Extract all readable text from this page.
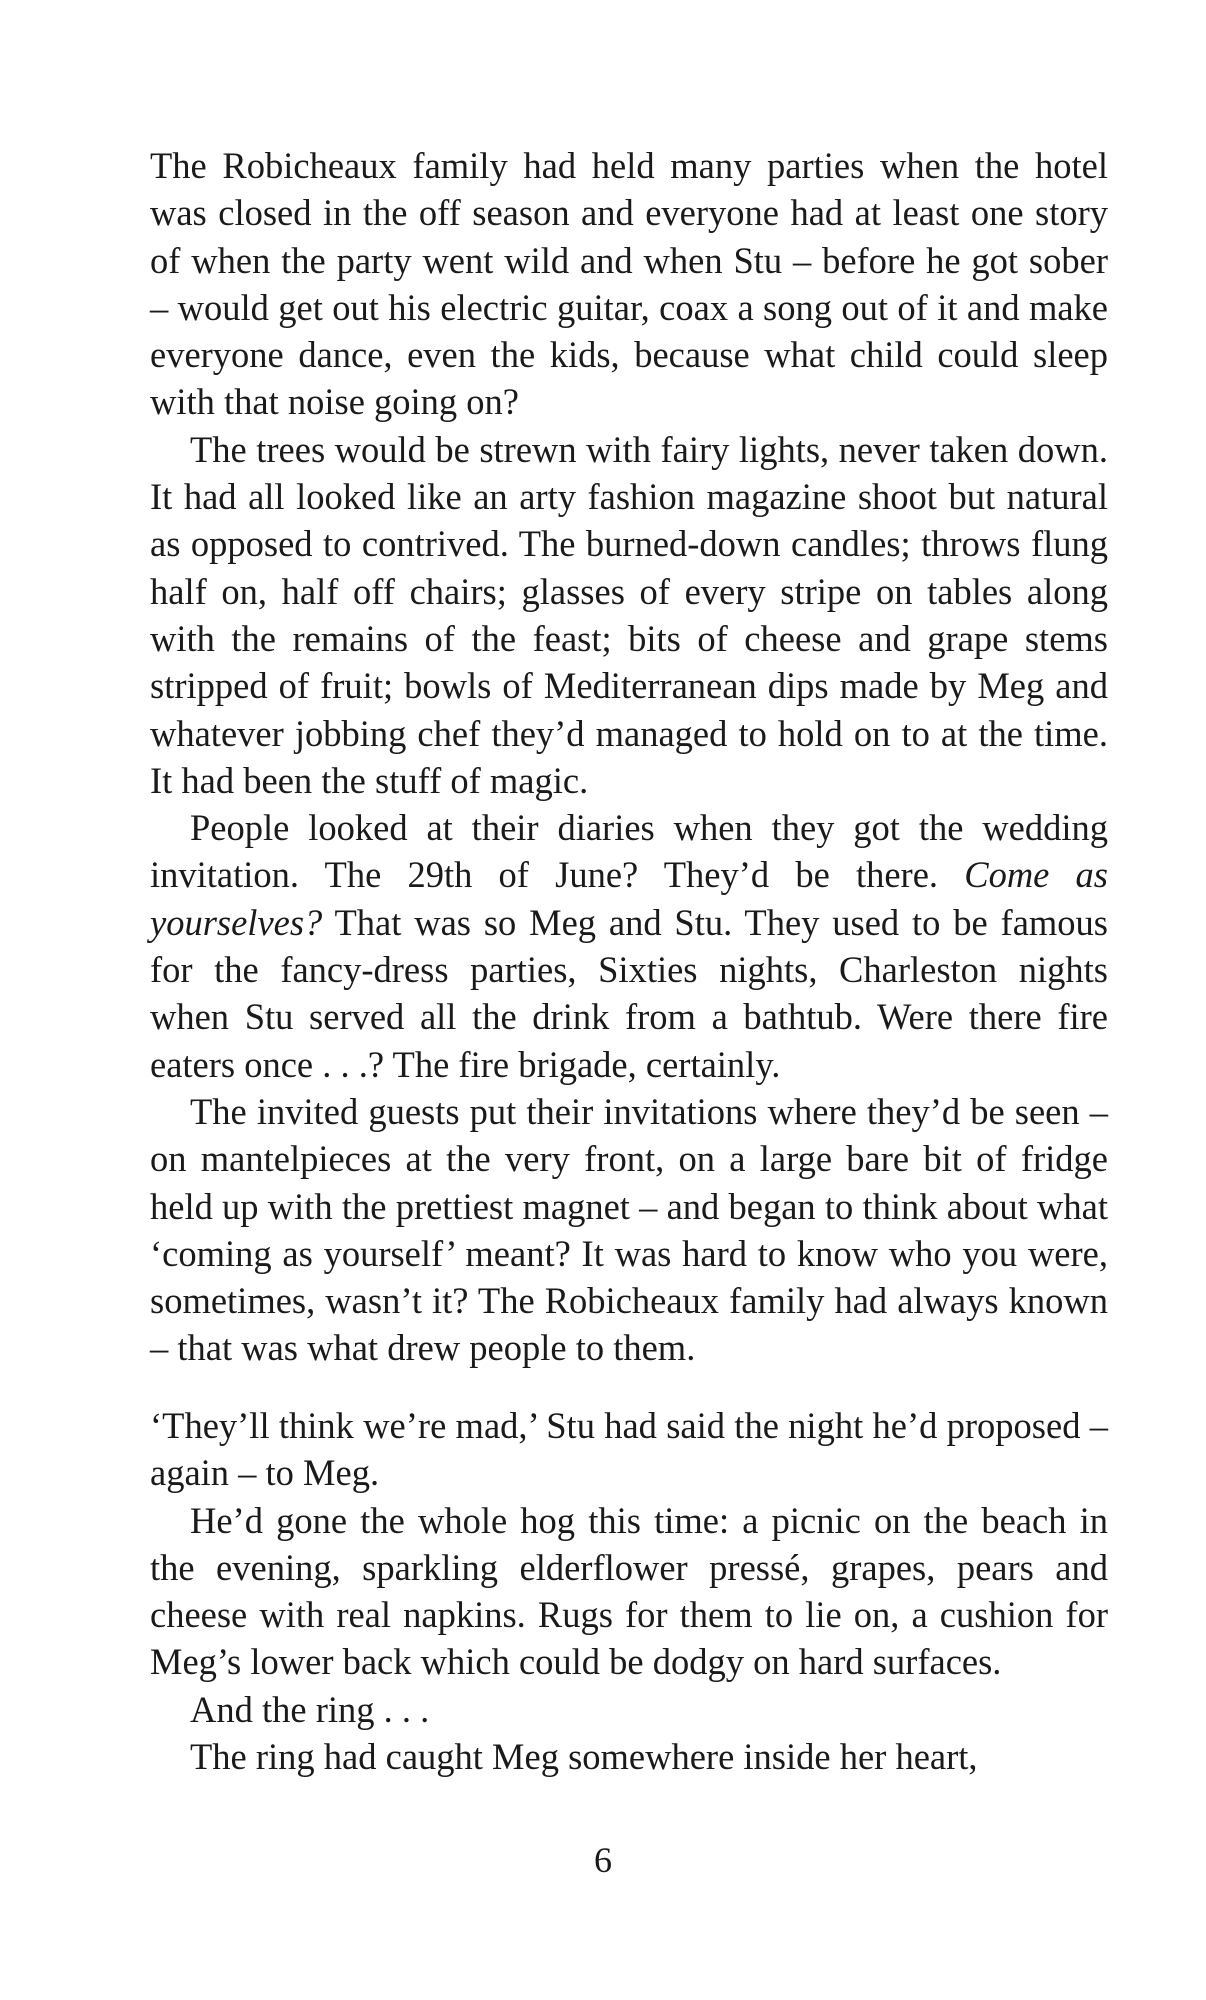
The Robicheaux family had held many parties when the hotel was closed in the off season and everyone had at least one story of when the party went wild and when Stu – before he got sober – would get out his electric guitar, coax a song out of it and make everyone dance, even the kids, because what child could sleep with that noise going on?

The trees would be strewn with fairy lights, never taken down. It had all looked like an arty fashion magazine shoot but natural as opposed to contrived. The burned-down candles; throws flung half on, half off chairs; glasses of every stripe on tables along with the remains of the feast; bits of cheese and grape stems stripped of fruit; bowls of Mediterranean dips made by Meg and whatever jobbing chef they’d managed to hold on to at the time. It had been the stuff of magic.

People looked at their diaries when they got the wedding invitation. The 29th of June? They’d be there. Come as yourselves? That was so Meg and Stu. They used to be famous for the fancy-dress parties, Sixties nights, Charleston nights when Stu served all the drink from a bathtub. Were there fire eaters once . . .? The fire brigade, certainly.

The invited guests put their invitations where they’d be seen – on mantelpieces at the very front, on a large bare bit of fridge held up with the prettiest magnet – and began to think about what ‘coming as yourself’ meant? It was hard to know who you were, sometimes, wasn’t it? The Robicheaux family had always known – that was what drew people to them.

‘They’ll think we’re mad,’ Stu had said the night he’d proposed – again – to Meg.

He’d gone the whole hog this time: a picnic on the beach in the evening, sparkling elderflower pressé, grapes, pears and cheese with real napkins. Rugs for them to lie on, a cushion for Meg’s lower back which could be dodgy on hard surfaces.

And the ring . . .

The ring had caught Meg somewhere inside her heart,

6
